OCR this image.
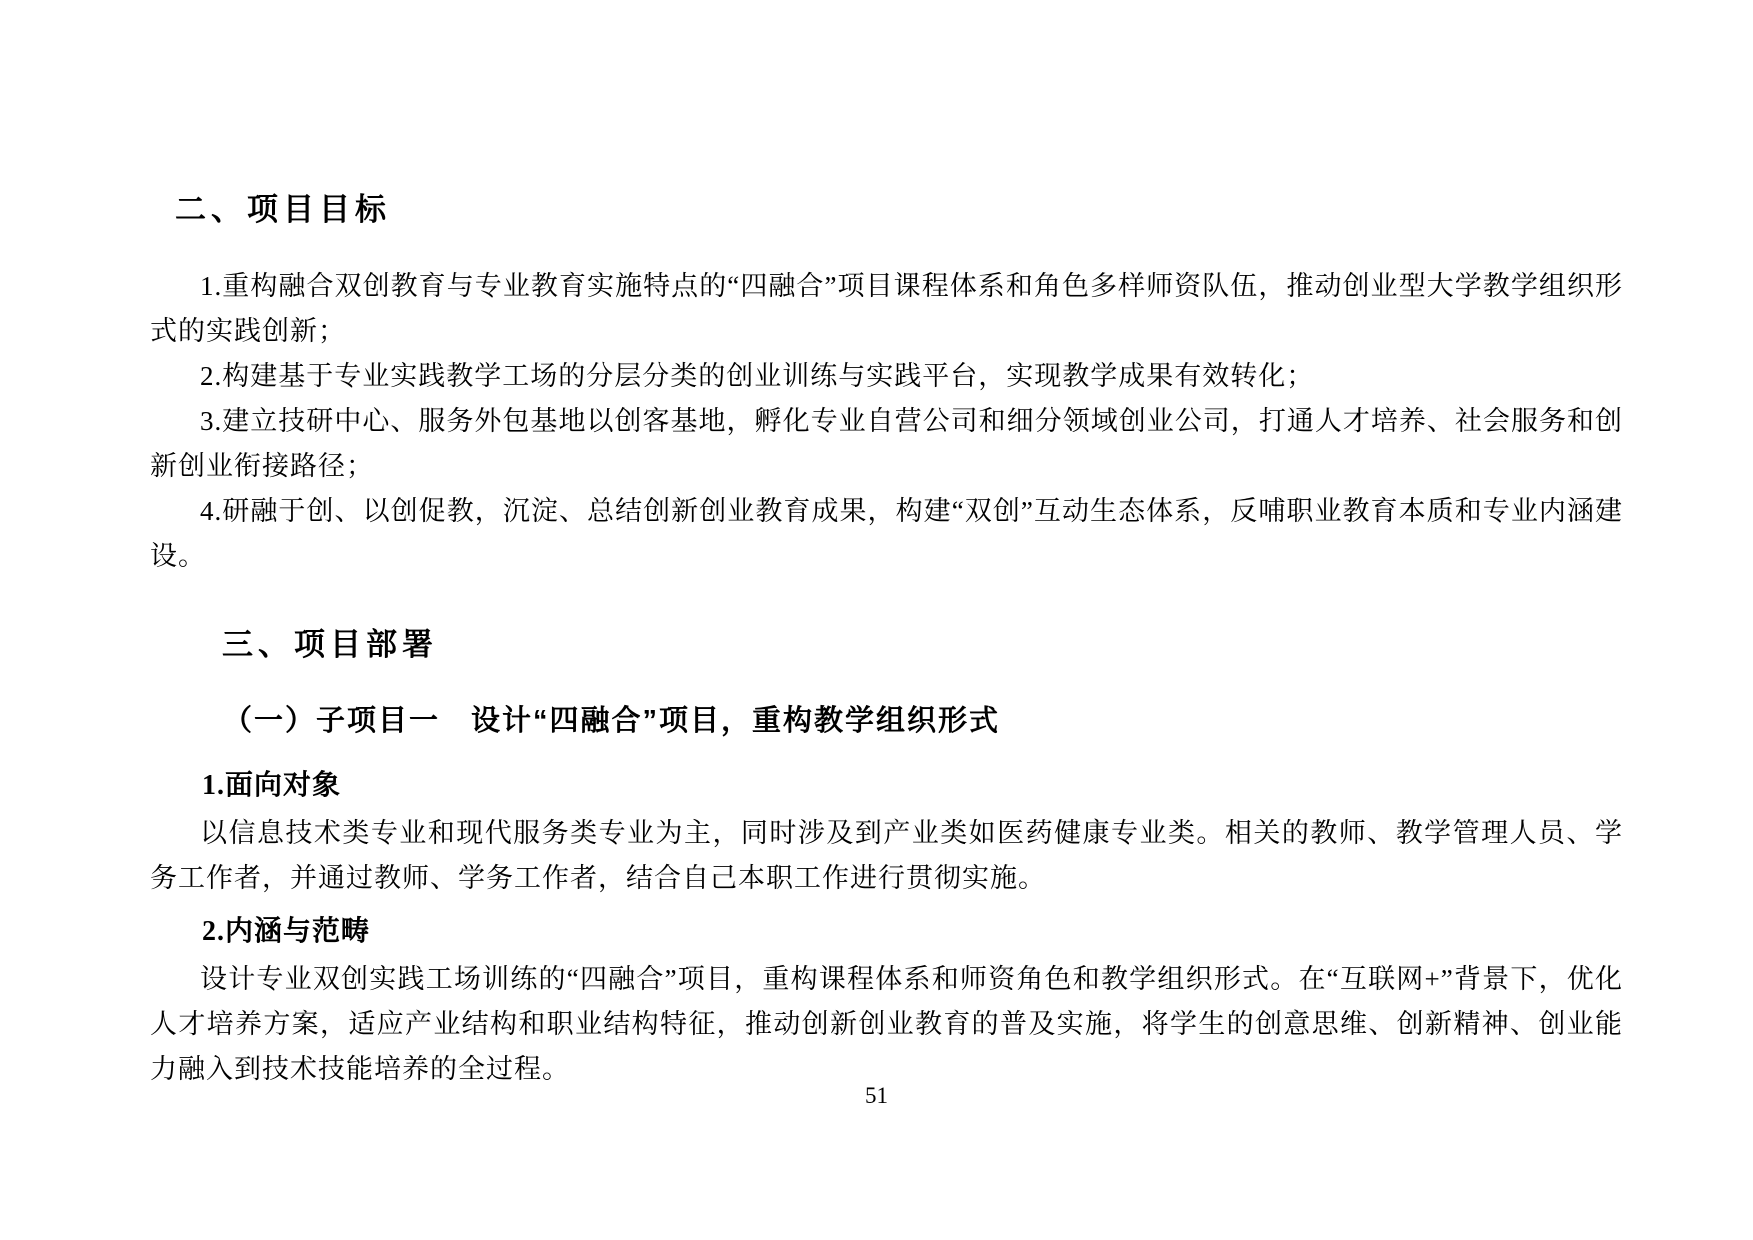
二、项目目标

1.重构融合双创教育与专业教育实施特点的“四融合”项目课程体系和角色多样师资队伍，推动创业型大学教学组织形式的实践创新；

2.构建基于专业实践教学工场的分层分类的创业训练与实践平台，实现教学成果有效转化；

3.建立技研中心、服务外包基地以创客基地，孵化专业自营公司和细分领域创业公司，打通人才培养、社会服务和创新创业衔接路径；

4.研融于创、以创促教，沉淀、总结创新创业教育成果，构建“双创”互动生态体系，反哺职业教育本质和专业内涵建设。

三、项目部署
（一）子项目一　设计“四融合”项目，重构教学组织形式
1.面向对象

以信息技术类专业和现代服务类专业为主，同时涉及到产业类如医药健康专业类。相关的教师、教学管理人员、学务工作者，并通过教师、学务工作者，结合自己本职工作进行贯彻实施。

2.内涵与范畴

设计专业双创实践工场训练的“四融合”项目，重构课程体系和师资角色和教学组织形式。在“互联网+”背景下，优化人才培养方案，适应产业结构和职业结构特征，推动创新创业教育的普及实施，将学生的创意思维、创新精神、创业能力融入到技术技能培养的全过程。

51
